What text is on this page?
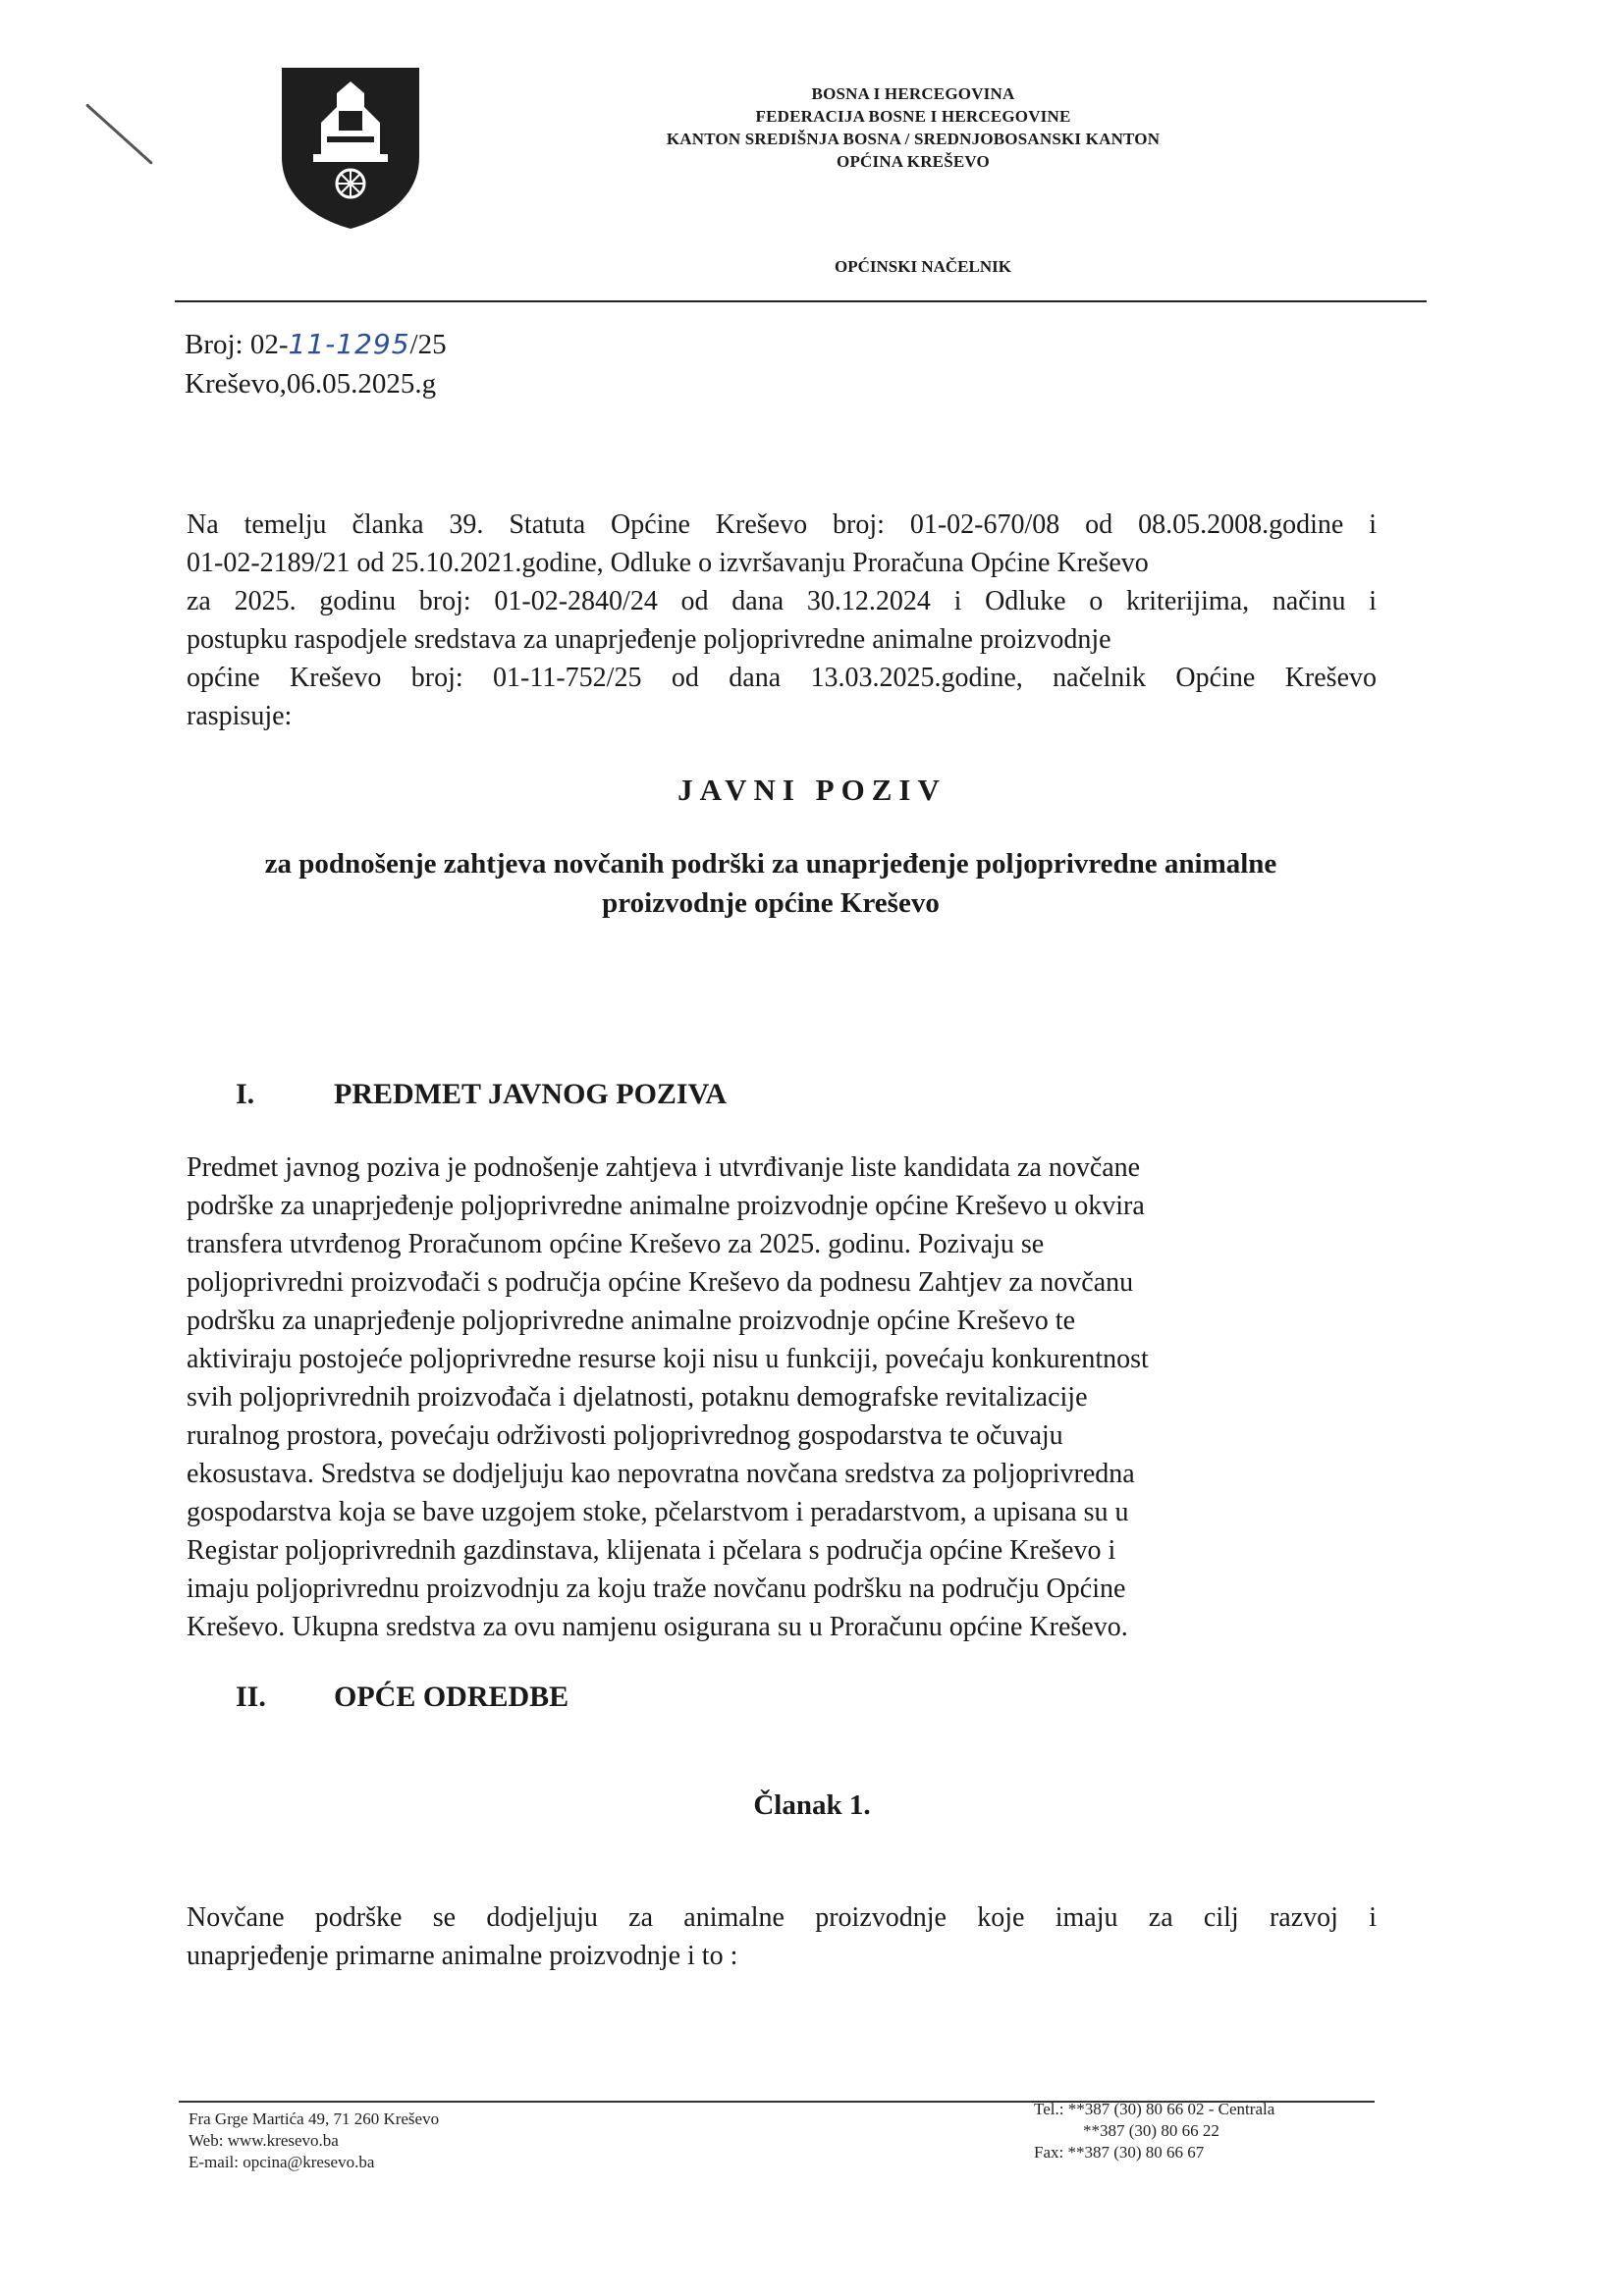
BOSNA I HERCEGOVINA
FEDERACIJA BOSNE I HERCEGOVINE
KANTON SREDIŠNJA BOSNA / SREDNJOBOSANSKI KANTON
OPĆINA KREŠEVO
OPĆINSKI NAČELNIK
Broj: 02-11-1295/25
Kreševo,06.05.2025.g
Na temelju članka 39. Statuta Općine Kreševo broj: 01-02-670/08 od 08.05.2008.godine i
01-02-2189/21 od 25.10.2021.godine, Odluke o izvršavanju Proračuna Općine Kreševo
za 2025. godinu broj: 01-02-2840/24 od dana 30.12.2024 i Odluke o kriterijima, načinu i
postupku raspodjele sredstava za unaprjeđenje poljoprivredne animalne proizvodnje
općine Kreševo broj: 01-11-752/25 od dana 13.03.2025.godine, načelnik Općine Kreševo
raspisuje:
JAVNI POZIV
za podnošenje zahtjeva novčanih podrški za unaprjeđenje poljoprivredne animalne
proizvodnje općine Kreševo
I.	PREDMET JAVNOG POZIVA
Predmet javnog poziva je podnošenje zahtjeva i utvrđivanje liste kandidata za novčane
podrške za unaprjeđenje poljoprivredne animalne proizvodnje općine Kreševo u okvira
transfera utvrđenog Proračunom općine Kreševo za 2025. godinu. Pozivaju se
poljoprivredni proizvođači s područja općine Kreševo da podnesu Zahtjev za novčanu
podršku za unaprjeđenje poljoprivredne animalne proizvodnje općine Kreševo te
aktiviraju postojeće poljoprivredne resurse koji nisu u funkciji, povećaju konkurentnost
svih poljoprivrednih proizvođača i djelatnosti, potaknu demografske revitalizacije
ruralnog prostora, povećaju održivosti poljoprivrednog gospodarstva te očuvaju
ekosustava. Sredstva se dodjeljuju kao nepovratna novčana sredstva za poljoprivredna
gospodarstva koja se bave uzgojem stoke, pčelarstvom i peradarstvom, a upisana su u
Registar poljoprivrednih gazdinstava, klijenata i pčelara s područja općine Kreševo i
imaju poljoprivrednu proizvodnju za koju traže novčanu podršku na području Općine
Kreševo. Ukupna sredstva za ovu namjenu osigurana su u Proračunu općine Kreševo.
II. OPĆE ODREDBE
Članak 1.
Novčane podrške se dodjeljuju za animalne proizvodnje koje imaju za cilj razvoj i
unaprjeđenje primarne animalne proizvodnje i to :
Fra Grge Martića 49, 71 260 Kreševo
Web: www.kresevo.ba
E-mail: opcina@kresevo.ba
Tel.: **387 (30) 80 66 02 - Centrala
**387 (30) 80 66 22
Fax: **387 (30) 80 66 67
